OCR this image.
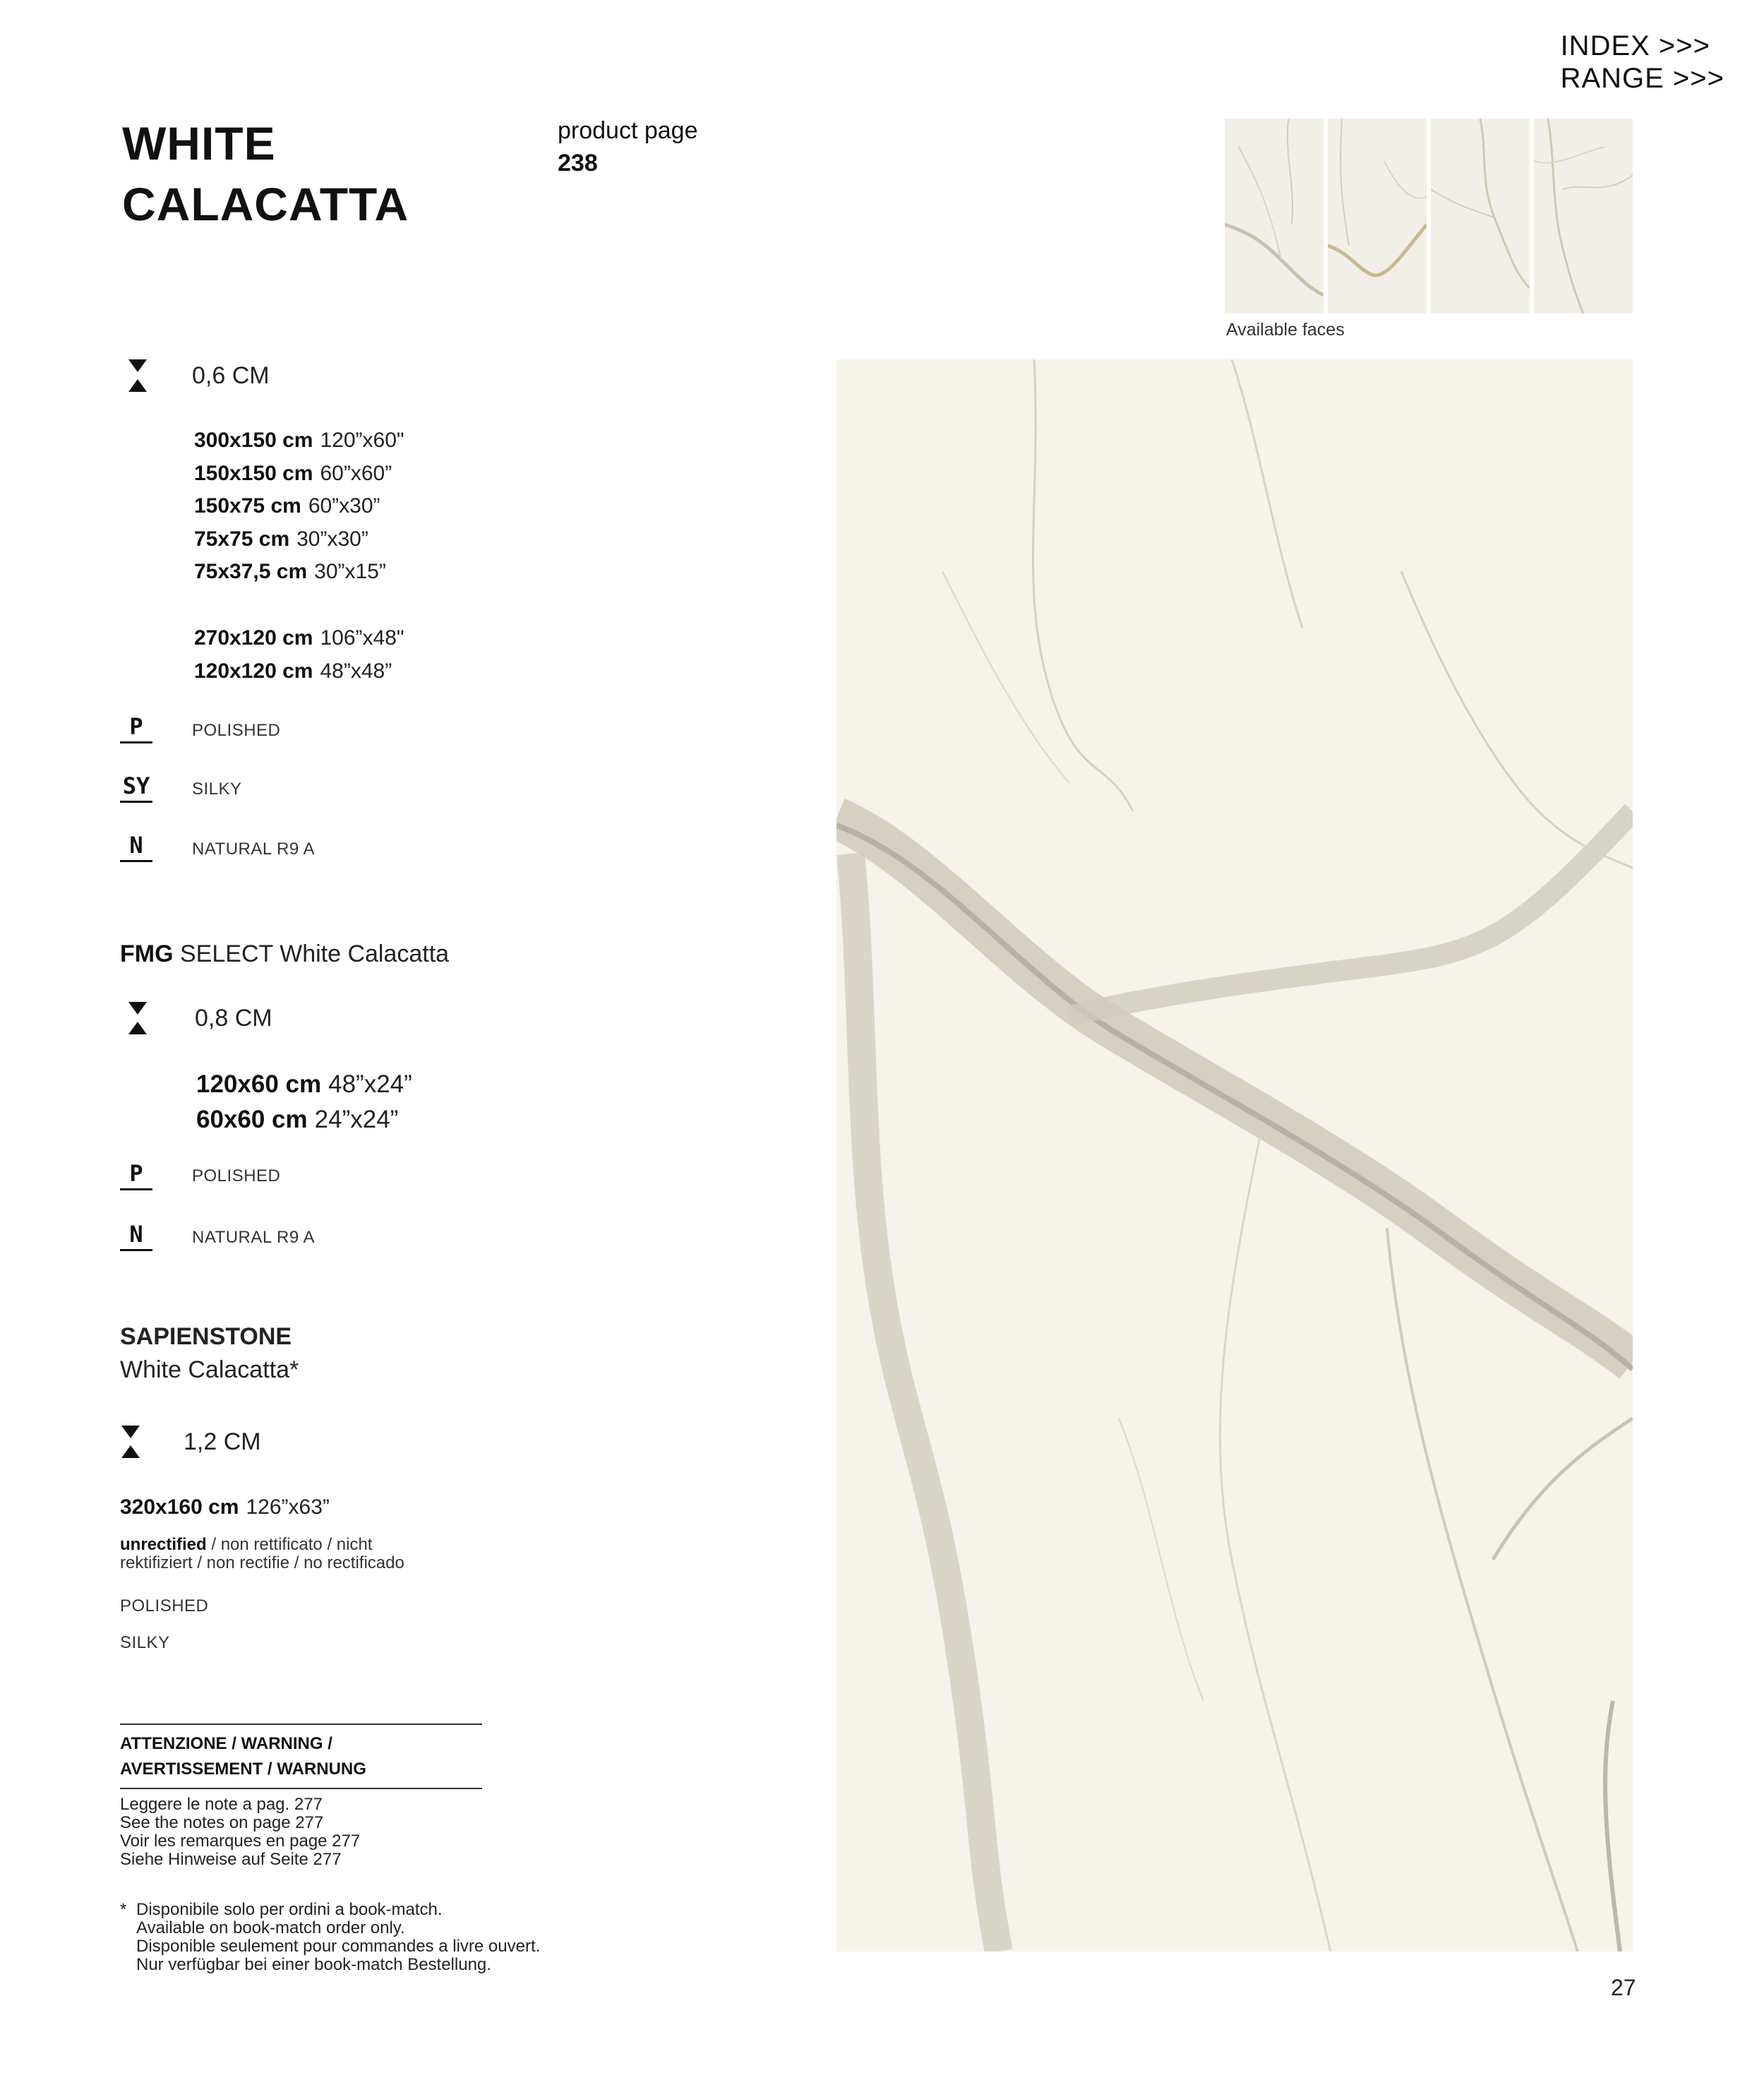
INDEX >>>
RANGE >>>
WHITE
CALACATTA
product page
238
Available faces
0,6 CM
300x150 cm 120”x60"
150x150 cm 60”x60”
150x75 cm 60”x30”
75x75 cm 30”x30”
75x37,5 cm 30”x15”
270x120 cm 106”x48"
120x120 cm 48”x48”
P	POLISHED
SY SILKY
N	NATURAL R9 A
FMG SELECT White Calacatta
0,8 CM
120x60 cm 48”x24”
60x60 cm 24”x24”
P	POLISHED
N	NATURAL R9 A
SAPIENSTONE
White Calacatta*
1,2 CM
320x160 cm 126”x63”
unrectified / non rettificato / nicht
rektifiziert / non rectifie / no rectificado
POLISHED
SILKY
ATTENZIONE / WARNING /
AVERTISSEMENT / WARNUNG
Leggere le note a pag. 277
See the notes on page 277
Voir les remarques en page 277
Siehe Hinweise auf Seite 277
* Disponibile solo per ordini a book-match.
Available on book-match order only.
Disponible seulement pour commandes a livre ouvert.
Nur verfügbar bei einer book-match Bestellung.
27
